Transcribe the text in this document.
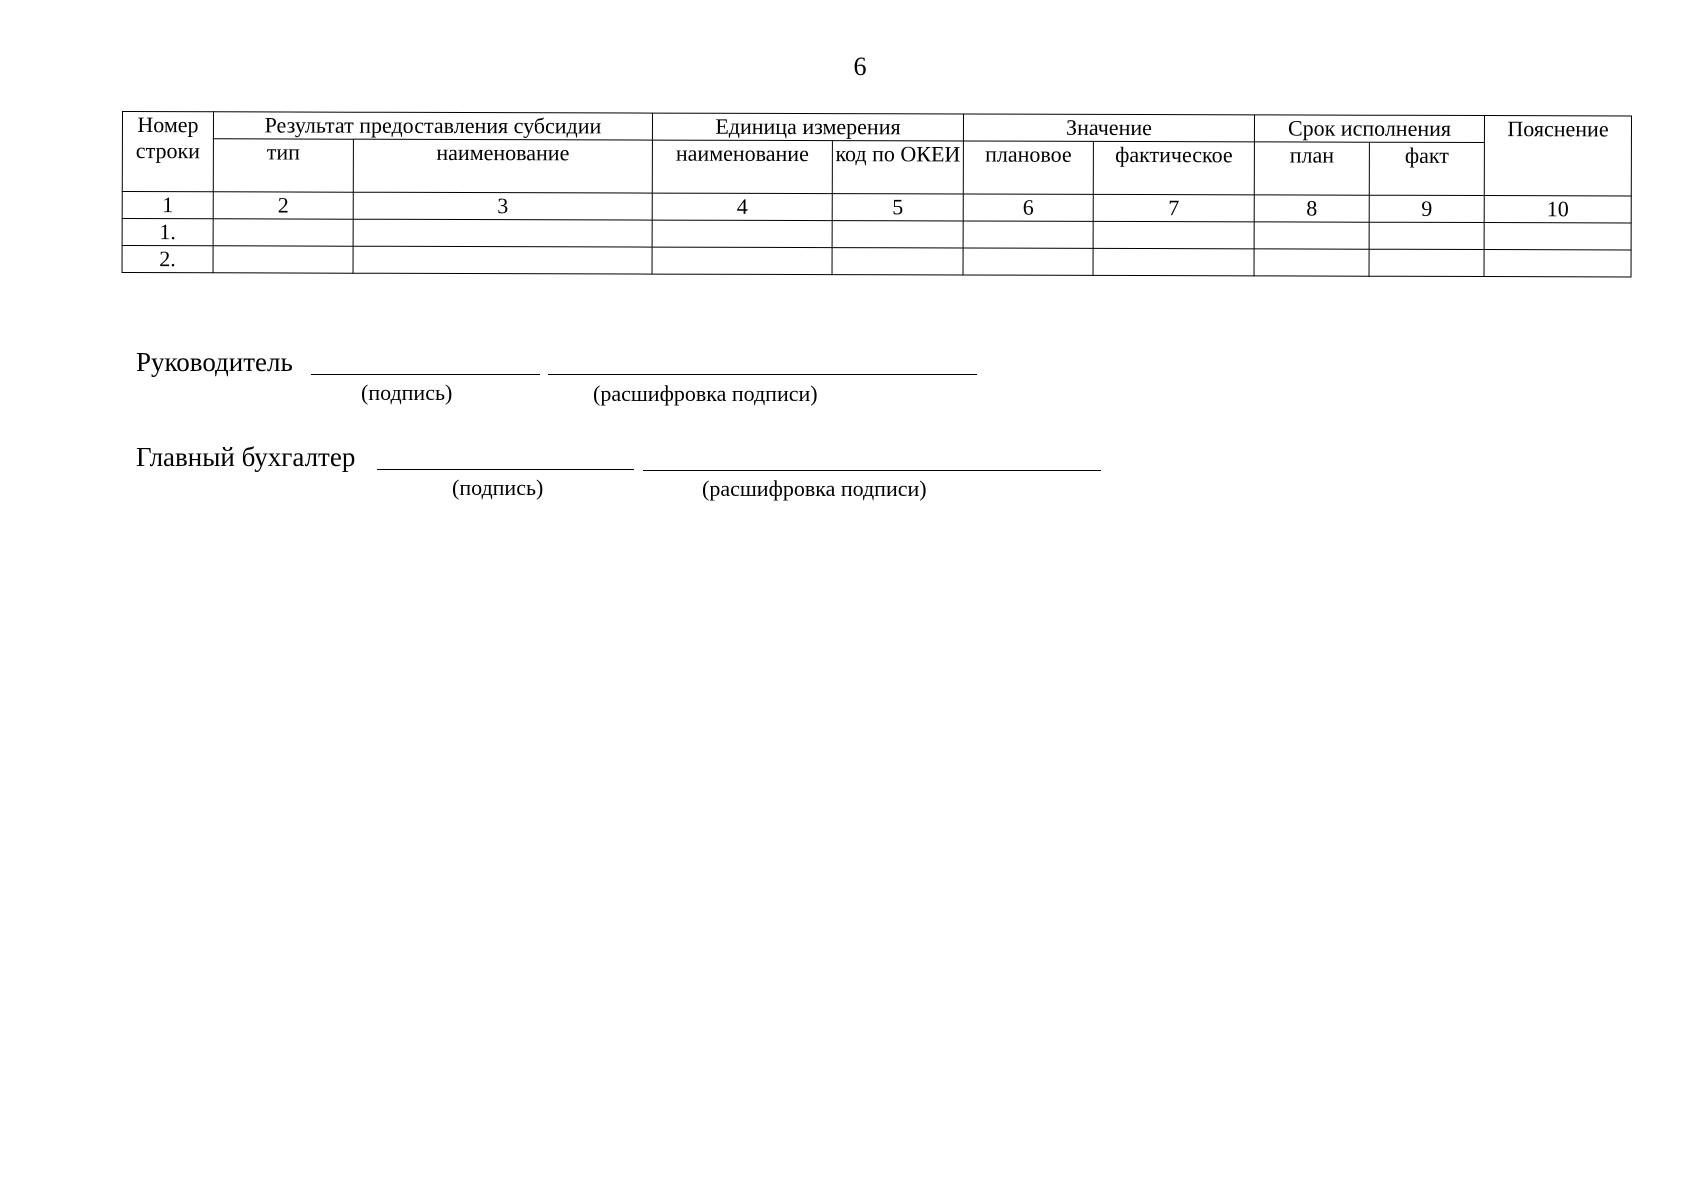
6
Номер строки	Результат предоставления субсидии		Единица измерения		Значение		Срок исполнения		Пояснение
	тип	наименование	наименование	код по ОКЕИ	плановое	фактическое	план	факт	
1	2	3	4	5	6	7	8	9	10
1.									
2.									
Руководитель
(подпись)	(расшифровка подписи)
Главный бухгалтер
(подпись)	(расшифровка подписи)
